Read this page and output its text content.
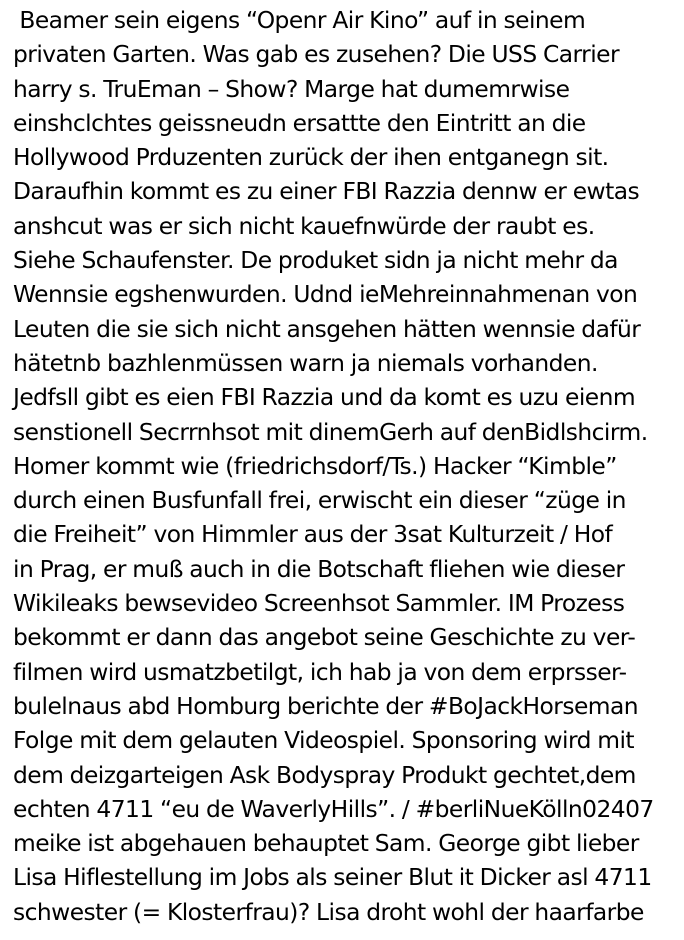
Beamer sein eigens “Openr Air Kino” auf in seinem
privaten Garten. Was gab es zusehen? Die USS Carrier
harry s. TruEman – Show? Marge hat dumemrwise
einshclchtes geissneudn ersattte den Eintritt an die
Hollywood Prduzenten zurück der ihen entganegn sit.
Daraufhin kommt es zu einer FBI Razzia dennw er ewtas
anshcut was er sich nicht kauefnwürde der raubt es.
Siehe Schaufenster. De produket sidn ja nicht mehr da
Wennsie egshenwurden. Udnd ieMehreinnahmenan von
Leuten die sie sich nicht ansgehen hätten wennsie dafür
hätetnb bazhlenmüssen warn ja niemals vorhanden.
Jedfsll gibt es eien FBI Razzia und da komt es uzu eienm
senstionell Secrrnhsot mit dinemGerh auf denBidlshcirm.
Homer kommt wie (friedrichsdorf/Ts.) Hacker “Kimble”
durch einen Busfunfall frei, erwischt ein dieser “züge in
die Freiheit” von Himmler aus der 3sat Kulturzeit / Hof
in Prag, er muß auch in die Botschaft fliehen wie dieser
Wikileaks bewsevideo Screenhsot Sammler. IM Prozess
bekommt er dann das angebot seine Geschichte zu ver-
filmen wird usmatzbetilgt, ich hab ja von dem erprsser-
bulelnaus abd Homburg berichte der #BoJackHorseman
Folge mit dem gelauten Videospiel. Sponsoring wird mit
dem deizgarteigen Ask Bodyspray Produkt gechtet,dem
echten 4711 “eu de WaverlyHills”. / #berliNueKölln02407
meike ist abgehauen behauptet Sam. George gibt lieber
Lisa Hiflestellung im Jobs als seiner Blut it Dicker asl 4711
schwester (= Klosterfrau)? Lisa droht wohl der haarfarbe
